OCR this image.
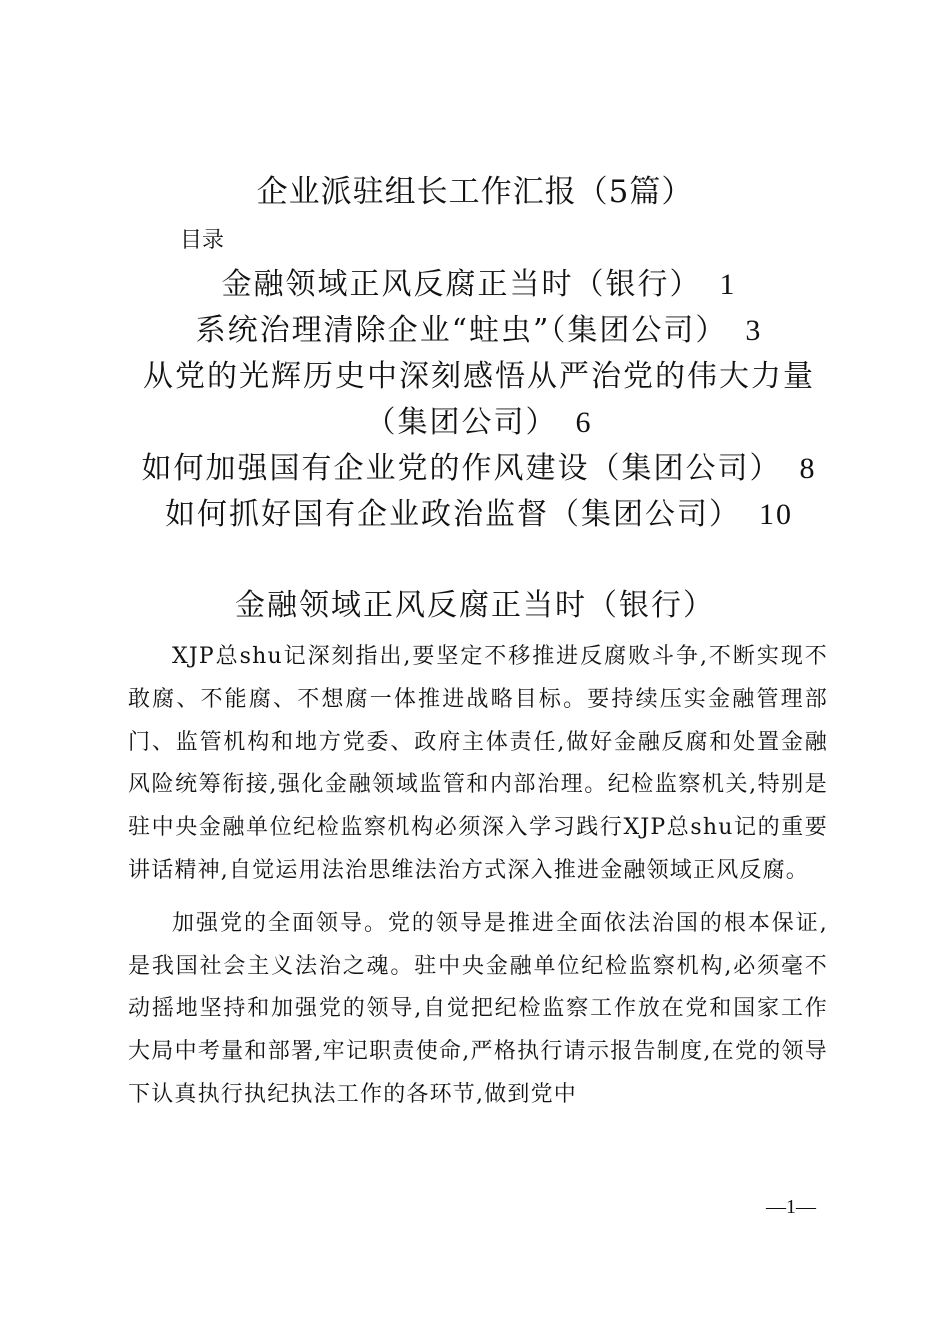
企业派驻组长工作汇报（5篇）
目录
金融领域正风反腐正当时（银行） 1
系统治理清除企业“蛀虫”（集团公司） 3
从党的光辉历史中深刻感悟从严治党的伟大力量（集团公司） 6
如何加强国有企业党的作风建设（集团公司） 8
如何抓好国有企业政治监督（集团公司） 10
金融领域正风反腐正当时（银行）

XJP总shu记深刻指出,要坚定不移推进反腐败斗争,不断实现不敢腐、不能腐、不想腐一体推进战略目标。要持续压实金融管理部门、监管机构和地方党委、政府主体责任,做好金融反腐和处置金融风险统筹衔接,强化金融领域监管和内部治理。纪检监察机关,特别是驻中央金融单位纪检监察机构必须深入学习践行XJP总shu记的重要讲话精神,自觉运用法治思维法治方式深入推进金融领域正风反腐。

加强党的全面领导。党的领导是推进全面依法治国的根本保证,是我国社会主义法治之魂。驻中央金融单位纪检监察机构,必须毫不动摇地坚持和加强党的领导,自觉把纪检监察工作放在党和国家工作大局中考量和部署,牢记职责使命,严格执行请示报告制度,在党的领导下认真执行执纪执法工作的各环节,做到党中

—1—
